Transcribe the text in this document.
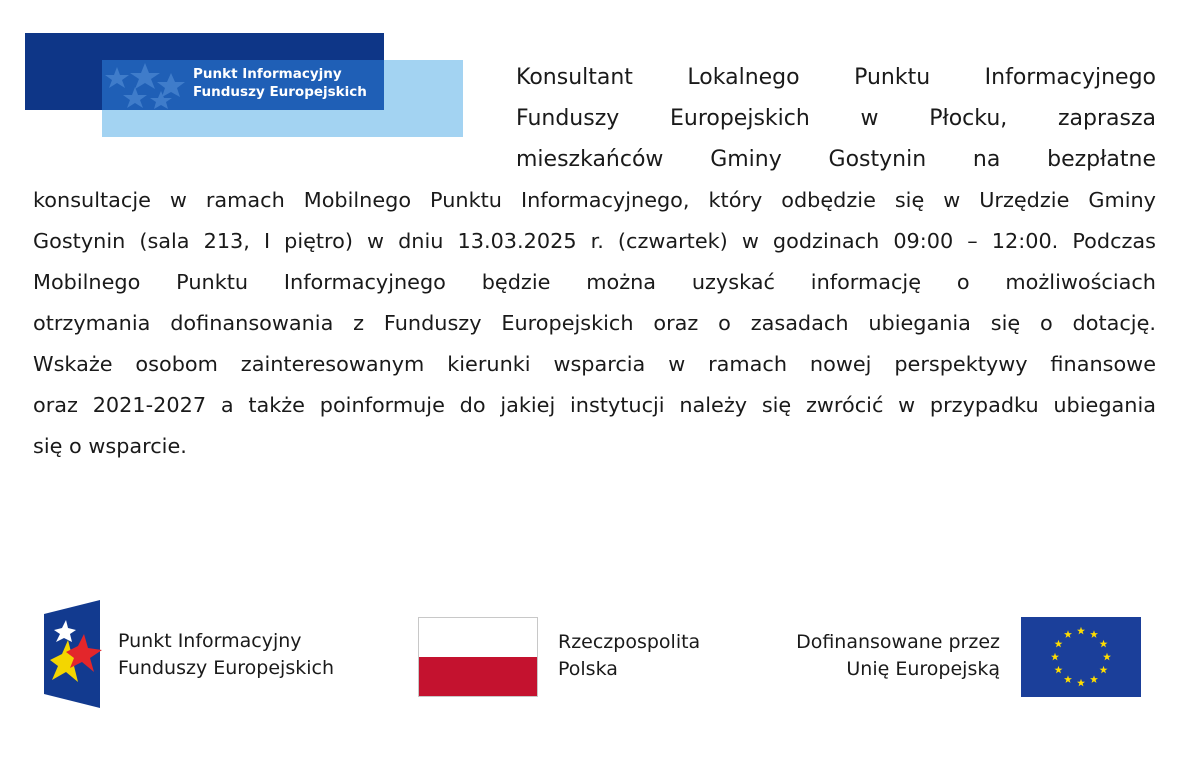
Punkt Informacyjny
Funduszy Europejskich
Konsultant Lokalnego Punktu Informacyjnego
Funduszy Europejskich w Płocku, zaprasza
mieszkańców Gminy Gostynin na bezpłatne
konsultacje w ramach Mobilnego Punktu Informacyjnego, który odbędzie się w Urzędzie Gminy
Gostynin (sala 213, I piętro) w dniu 13.03.2025 r. (czwartek) w godzinach 09:00 – 12:00. Podczas
Mobilnego Punktu Informacyjnego będzie można uzyskać informację o możliwościach
otrzymania dofinansowania z Funduszy Europejskich oraz o zasadach ubiegania się o dotację.
Wskaże osobom zainteresowanym kierunki wsparcia w ramach nowej perspektywy finansowe
oraz 2021-2027 a także poinformuje do jakiej instytucji należy się zwrócić w przypadku ubiegania
się o wsparcie.
Punkt Informacyjny
Funduszy Europejskich
Rzeczpospolita
Polska
Dofinansowane przez
Unię Europejską
